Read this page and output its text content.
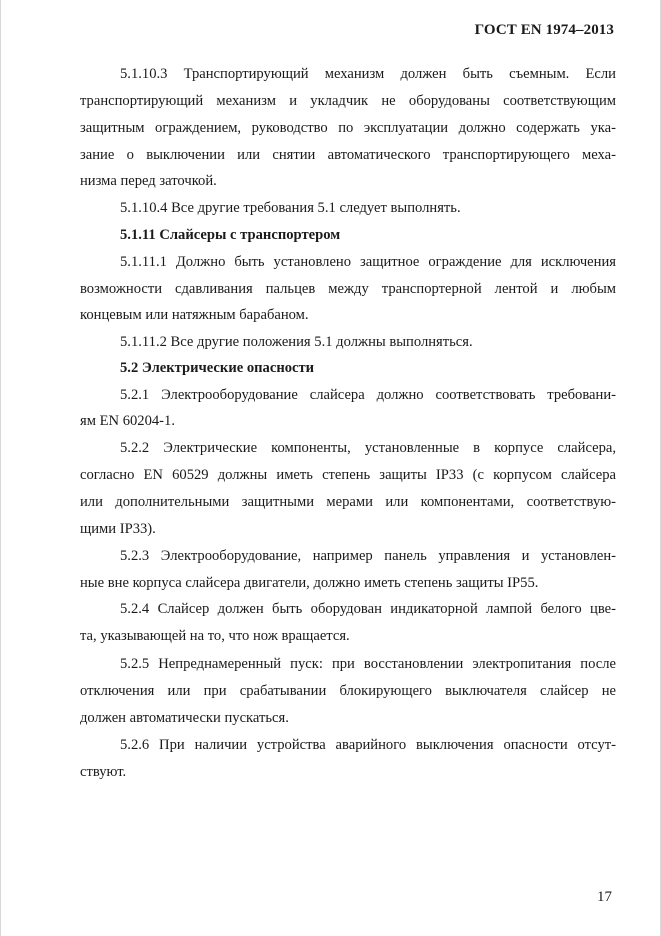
ГОСТ EN 1974–2013
5.1.10.3 Транспортирующий механизм должен быть съемным. Если
транспортирующий механизм и укладчик не оборудованы соответствующим
защитным ограждением, руководство по эксплуатации должно содержать ука-
зание о выключении или снятии автоматического транспортирующего меха-
низма перед заточкой.
5.1.10.4 Все другие требования 5.1 следует выполнять.
5.1.11 Слайсеры с транспортером
5.1.11.1 Должно быть установлено защитное ограждение для исключения
возможности сдавливания пальцев между транспортерной лентой и любым
концевым или натяжным барабаном.
5.1.11.2 Все другие положения 5.1 должны выполняться.
5.2 Электрические опасности
5.2.1 Электрооборудование слайсера должно соответствовать требовани-
ям EN 60204-1.
5.2.2 Электрические компоненты, установленные в корпусе слайсера,
согласно EN 60529 должны иметь степень защиты IP33 (с корпусом слайсера
или дополнительными защитными мерами или компонентами, соответствую-
щими IP33).
5.2.3 Электрооборудование, например панель управления и установлен-
ные вне корпуса слайсера двигатели, должно иметь степень защиты IP55.
5.2.4 Слайсер должен быть оборудован индикаторной лампой белого цве-
та, указывающей на то, что нож вращается.
5.2.5 Непреднамеренный пуск: при восстановлении электропитания после
отключения или при срабатывании блокирующего выключателя слайсер не
должен автоматически пускаться.
5.2.6 При наличии устройства аварийного выключения опасности отсут-
ствуют.
17
